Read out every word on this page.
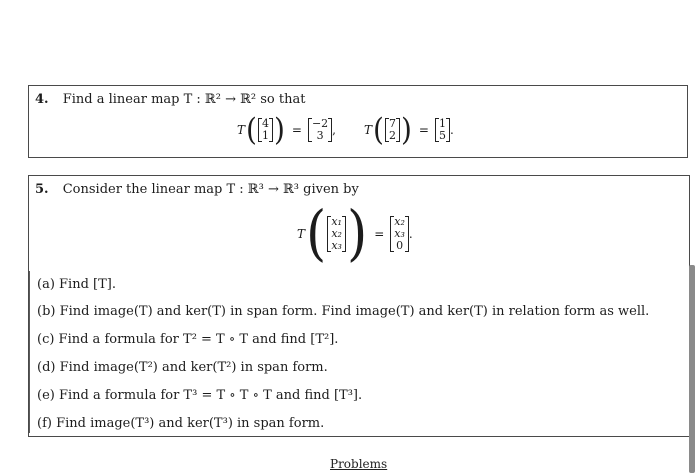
4. Find a linear map T : ℝ² → ℝ² so that
T ( 4
1 ) = −2
3 , T ( 7
2 ) = 1
5 .
5. Consider the linear map T : ℝ³ → ℝ³ given by
T ( x₁
x₂
x₃ ) =
x₂
x₃
0
.
(a) Find [T].
(b) Find image(T) and ker(T) in span form. Find image(T) and ker(T) in relation form as well.
(c) Find a formula for T² = T ∘ T and find [T²].
(d) Find image(T²) and ker(T²) in span form.
(e) Find a formula for T³ = T ∘ T ∘ T and find [T³].
(f) Find image(T³) and ker(T³) in span form.
Problems
